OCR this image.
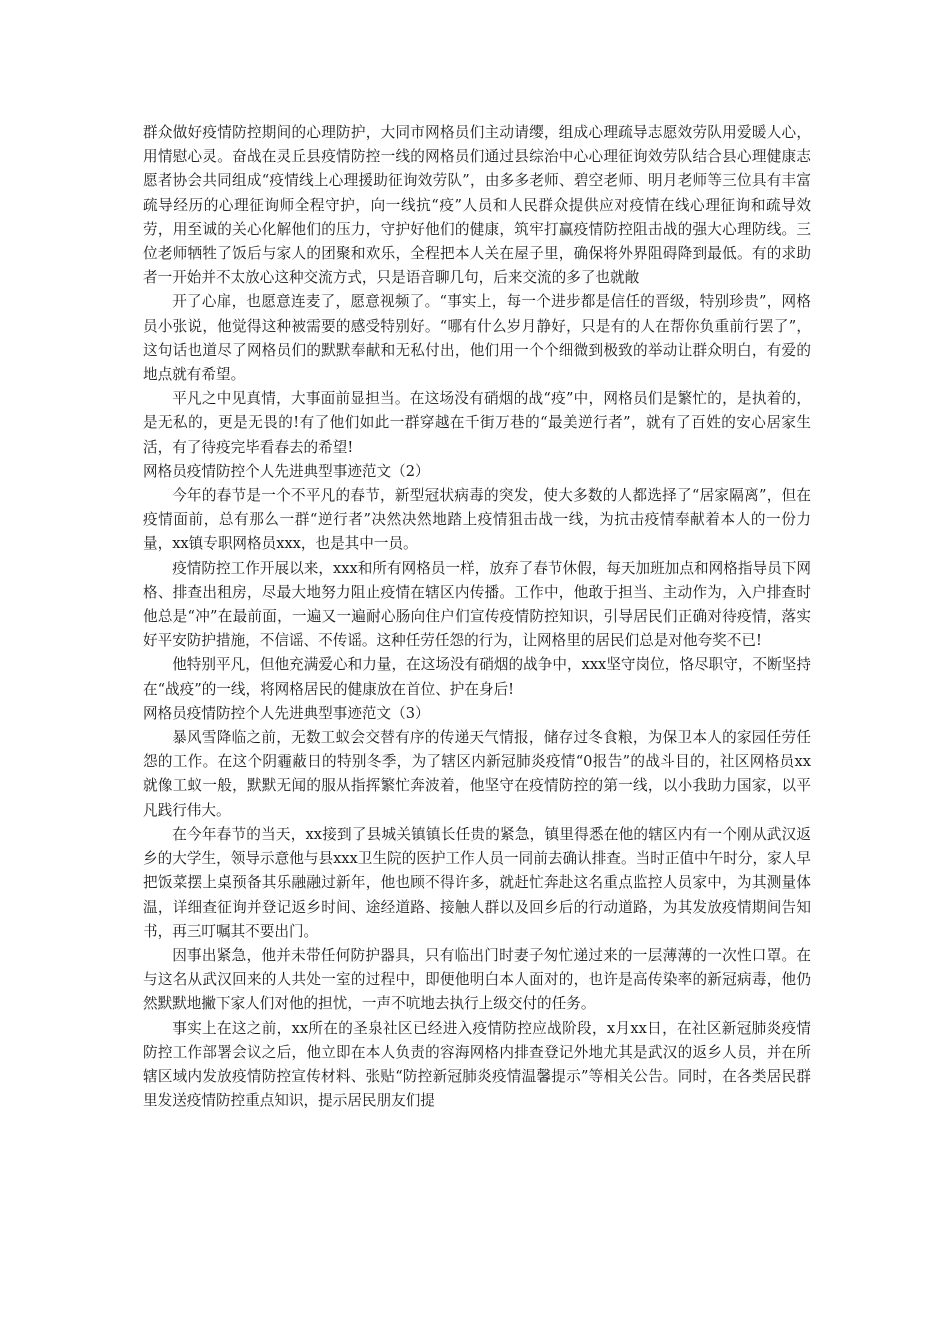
群众做好疫情防控期间的心理防护，大同市网格员们主动请缨，组成心理疏导志愿效劳队用爱暖人心，用情慰心灵。奋战在灵丘县疫情防控一线的网格员们通过县综治中心心理征询效劳队结合县心理健康志愿者协会共同组成“疫情线上心理援助征询效劳队”，由多多老师、碧空老师、明月老师等三位具有丰富疏导经历的心理征询师全程守护，向一线抗“疫”人员和人民群众提供应对疫情在线心理征询和疏导效劳，用至诚的关心化解他们的压力，守护好他们的健康，筑牢打赢疫情防控阻击战的强大心理防线。三位老师牺牲了饭后与家人的团聚和欢乐，全程把本人关在屋子里，确保将外界阻碍降到最低。有的求助者一开始并不太放心这种交流方式，只是语音聊几句，后来交流的多了也就敞

开了心扉，也愿意连麦了，愿意视频了。“事实上，每一个进步都是信任的晋级，特别珍贵”，网格员小张说，他觉得这种被需要的感受特别好。“哪有什么岁月静好，只是有的人在帮你负重前行罢了”，这句话也道尽了网格员们的默默奉献和无私付出，他们用一个个细微到极致的举动让群众明白，有爱的地点就有希望。

平凡之中见真情，大事面前显担当。在这场没有硝烟的战“疫”中，网格员们是繁忙的，是执着的，是无私的，更是无畏的!有了他们如此一群穿越在千街万巷的“最美逆行者”，就有了百姓的安心居家生活，有了待疫完毕看春去的希望!

网格员疫情防控个人先进典型事迹范文（2）

今年的春节是一个不平凡的春节，新型冠状病毒的突发，使大多数的人都选择了“居家隔离”，但在疫情面前，总有那么一群“逆行者”决然决然地踏上疫情狙击战一线，为抗击疫情奉献着本人的一份力量，xx镇专职网格员xxx，也是其中一员。

疫情防控工作开展以来，xxx和所有网格员一样，放弃了春节休假，每天加班加点和网格指导员下网格、排查出租房，尽最大地努力阻止疫情在辖区内传播。工作中，他敢于担当、主动作为，入户排查时他总是“冲”在最前面，一遍又一遍耐心肠向住户们宣传疫情防控知识，引导居民们正确对待疫情，落实好平安防护措施，不信谣、不传谣。这种任劳任怨的行为，让网格里的居民们总是对他夸奖不已!

他特别平凡，但他充满爱心和力量，在这场没有硝烟的战争中，xxx坚守岗位，恪尽职守，不断坚持在“战疫”的一线，将网格居民的健康放在首位、护在身后!

网格员疫情防控个人先进典型事迹范文（3）

暴风雪降临之前，无数工蚁会交替有序的传递天气情报，储存过冬食粮，为保卫本人的家园任劳任怨的工作。在这个阴霾蔽日的特别冬季，为了辖区内新冠肺炎疫情“0报告”的战斗目的，社区网格员xx就像工蚁一般，默默无闻的服从指挥繁忙奔波着，他坚守在疫情防控的第一线，以小我助力国家，以平凡践行伟大。

在今年春节的当天，xx接到了县城关镇镇长任贵的紧急，镇里得悉在他的辖区内有一个刚从武汉返乡的大学生，领导示意他与县xxx卫生院的医护工作人员一同前去确认排查。当时正值中午时分，家人早把饭菜摆上桌预备其乐融融过新年，他也顾不得许多，就赶忙奔赴这名重点监控人员家中，为其测量体温，详细查征询并登记返乡时间、途经道路、接触人群以及回乡后的行动道路，为其发放疫情期间告知书，再三叮嘱其不要出门。

因事出紧急，他并未带任何防护器具，只有临出门时妻子匆忙递过来的一层薄薄的一次性口罩。在与这名从武汉回来的人共处一室的过程中，即便他明白本人面对的，也许是高传染率的新冠病毒，他仍然默默地撇下家人们对他的担忧，一声不吭地去执行上级交付的任务。

事实上在这之前，xx所在的圣泉社区已经进入疫情防控应战阶段，x月xx日，在社区新冠肺炎疫情防控工作部署会议之后，他立即在本人负责的容海网格内排查登记外地尤其是武汉的返乡人员，并在所辖区域内发放疫情防控宣传材料、张贴“防控新冠肺炎疫情温馨提示”等相关公告。同时，在各类居民群里发送疫情防控重点知识，提示居民朋友们提
